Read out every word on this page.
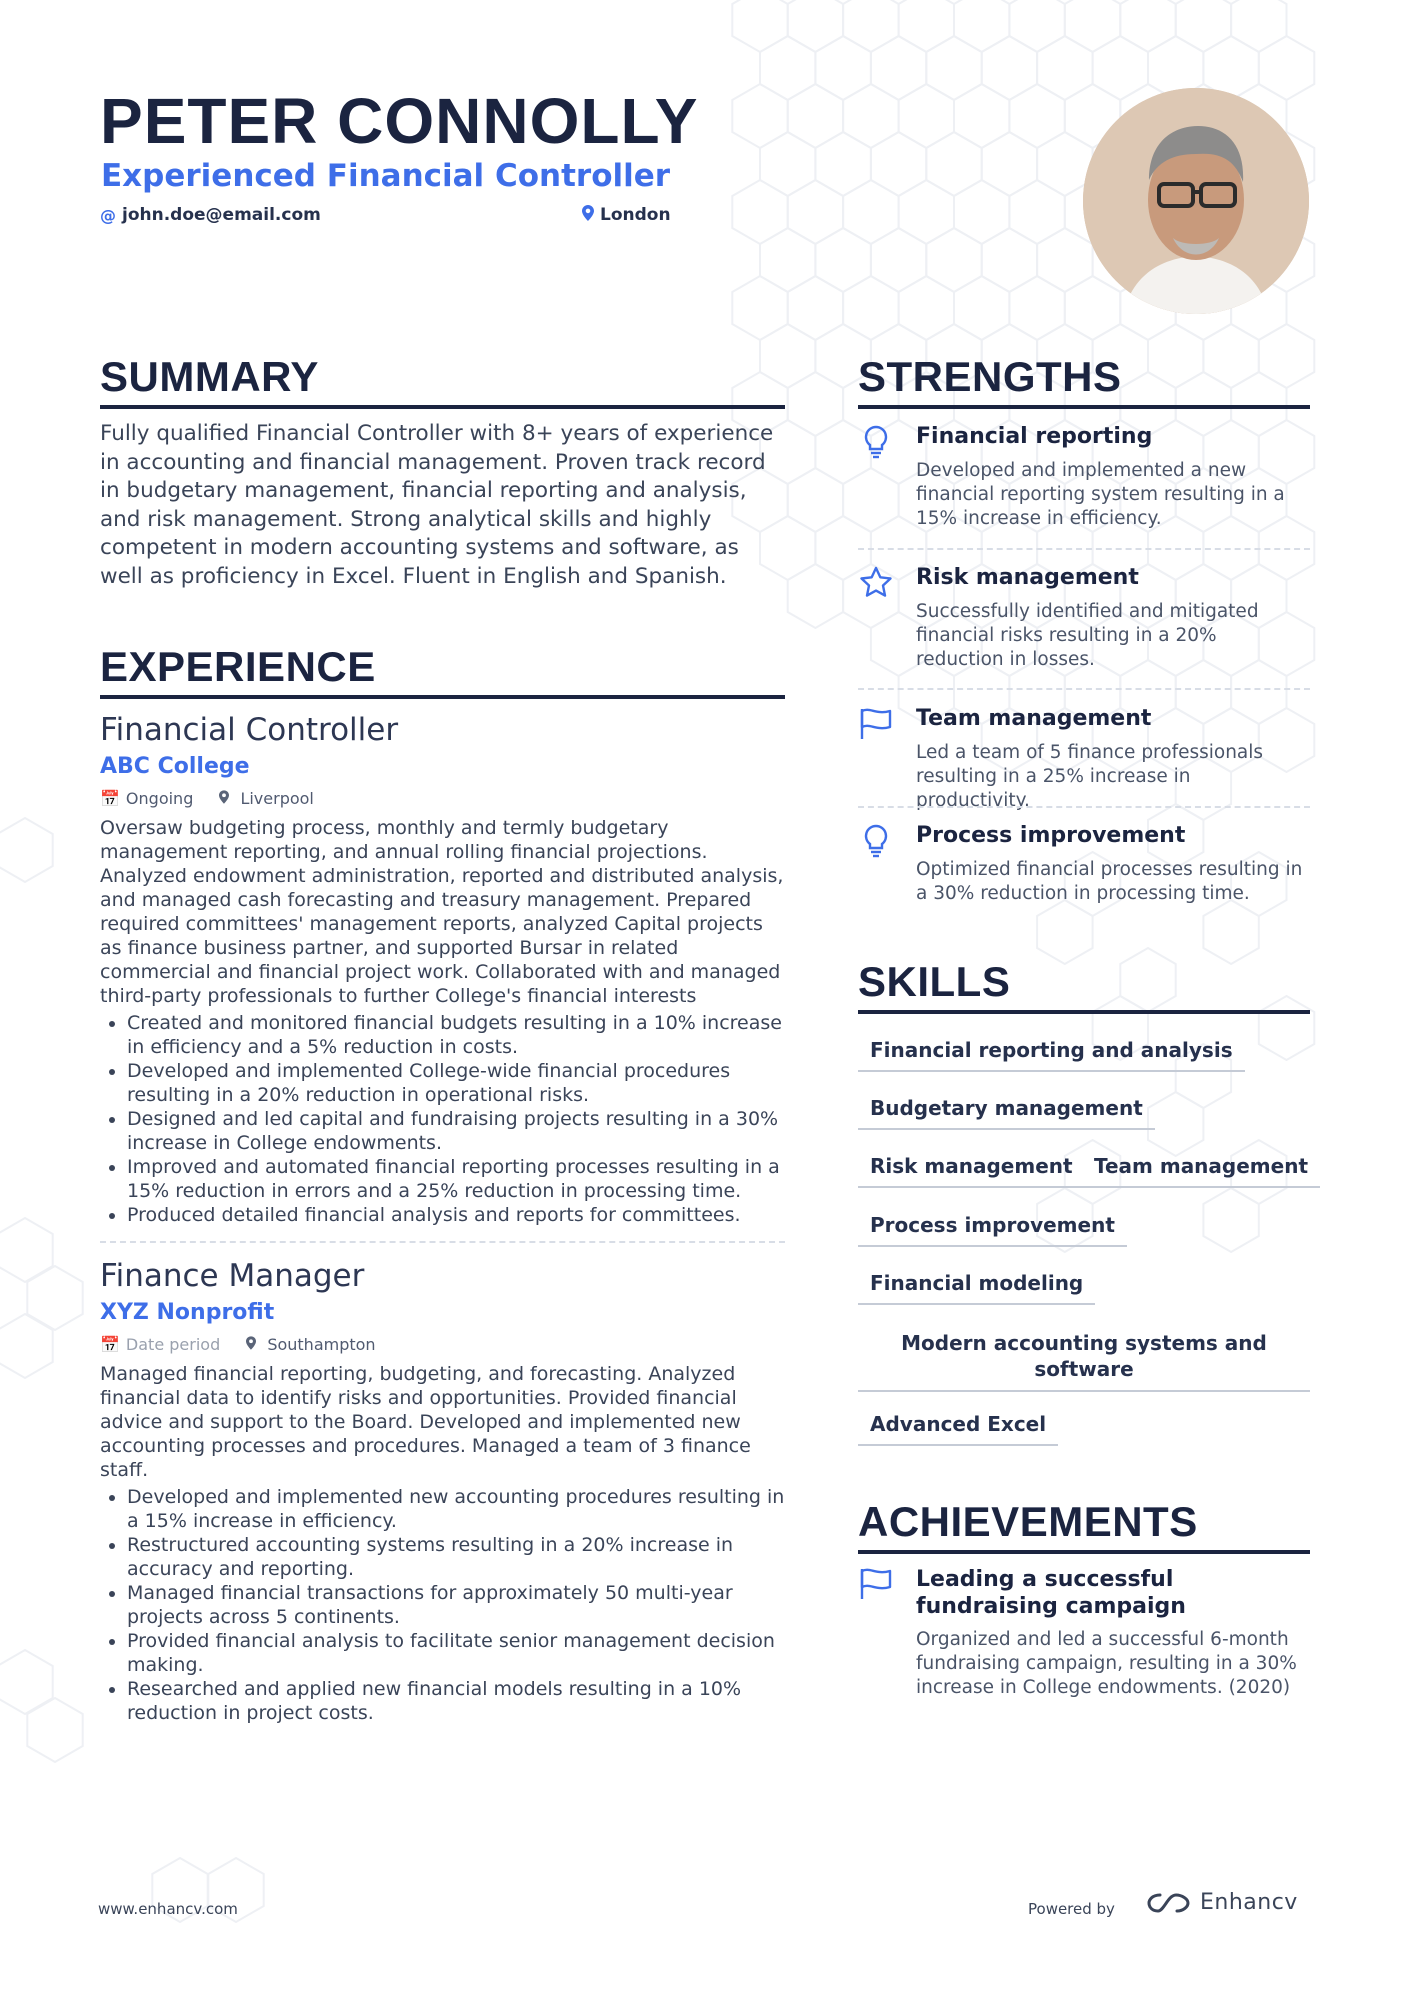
PETER CONNOLLY
Experienced Financial Controller
@ john.doe@email.com	London
SUMMARY

Fully qualified Financial Controller with 8+ years of experience in accounting and financial management. Proven track record in budgetary management, financial reporting and analysis, and risk management. Strong analytical skills and highly competent in modern accounting systems and software, as well as proficiency in Excel. Fluent in English and Spanish.

EXPERIENCE
Financial Controller

ABC College

📅 Ongoing	Liverpool

Oversaw budgeting process, monthly and termly budgetary management reporting, and annual rolling financial projections. Analyzed endowment administration, reported and distributed analysis, and managed cash forecasting and treasury management. Prepared required committees' management reports, analyzed Capital projects as finance business partner, and supported Bursar in related commercial and financial project work. Collaborated with and managed third-party professionals to further College's financial interests

• Created and monitored financial budgets resulting in a 10% increase in efficiency and a 5% reduction in costs.
• Developed and implemented College-wide financial procedures resulting in a 20% reduction in operational risks.
• Designed and led capital and fundraising projects resulting in a 30% increase in College endowments.
• Improved and automated financial reporting processes resulting in a 15% reduction in errors and a 25% reduction in processing time.
• Produced detailed financial analysis and reports for committees.
Finance Manager

XYZ Nonprofit

📅 Date period	Southampton

Managed financial reporting, budgeting, and forecasting. Analyzed financial data to identify risks and opportunities. Provided financial advice and support to the Board. Developed and implemented new accounting processes and procedures. Managed a team of 3 finance staff.

• Developed and implemented new accounting procedures resulting in a 15% increase in efficiency.
• Restructured accounting systems resulting in a 20% increase in accuracy and reporting.
• Managed financial transactions for approximately 50 multi-year projects across 5 continents.
• Provided financial analysis to facilitate senior management decision making.
• Researched and applied new financial models resulting in a 10% reduction in project costs.
STRENGTHS

Financial reporting

Developed and implemented a new financial reporting system resulting in a 15% increase in efficiency.

Risk management

Successfully identified and mitigated financial risks resulting in a 20% reduction in losses.

Team management

Led a team of 5 finance professionals resulting in a 25% increase in productivity.

Process improvement

Optimized financial processes resulting in a 30% reduction in processing time.

SKILLS
Financial reporting and analysis
Budgetary management
Risk management	Team management
Process improvement
Financial modeling
Modern accounting systems and software
Advanced Excel
ACHIEVEMENTS

Leading a successful fundraising campaign

Organized and led a successful 6-month fundraising campaign, resulting in a 30% increase in College endowments. (2020)

www.enhancv.com	Powered by	Enhancv
